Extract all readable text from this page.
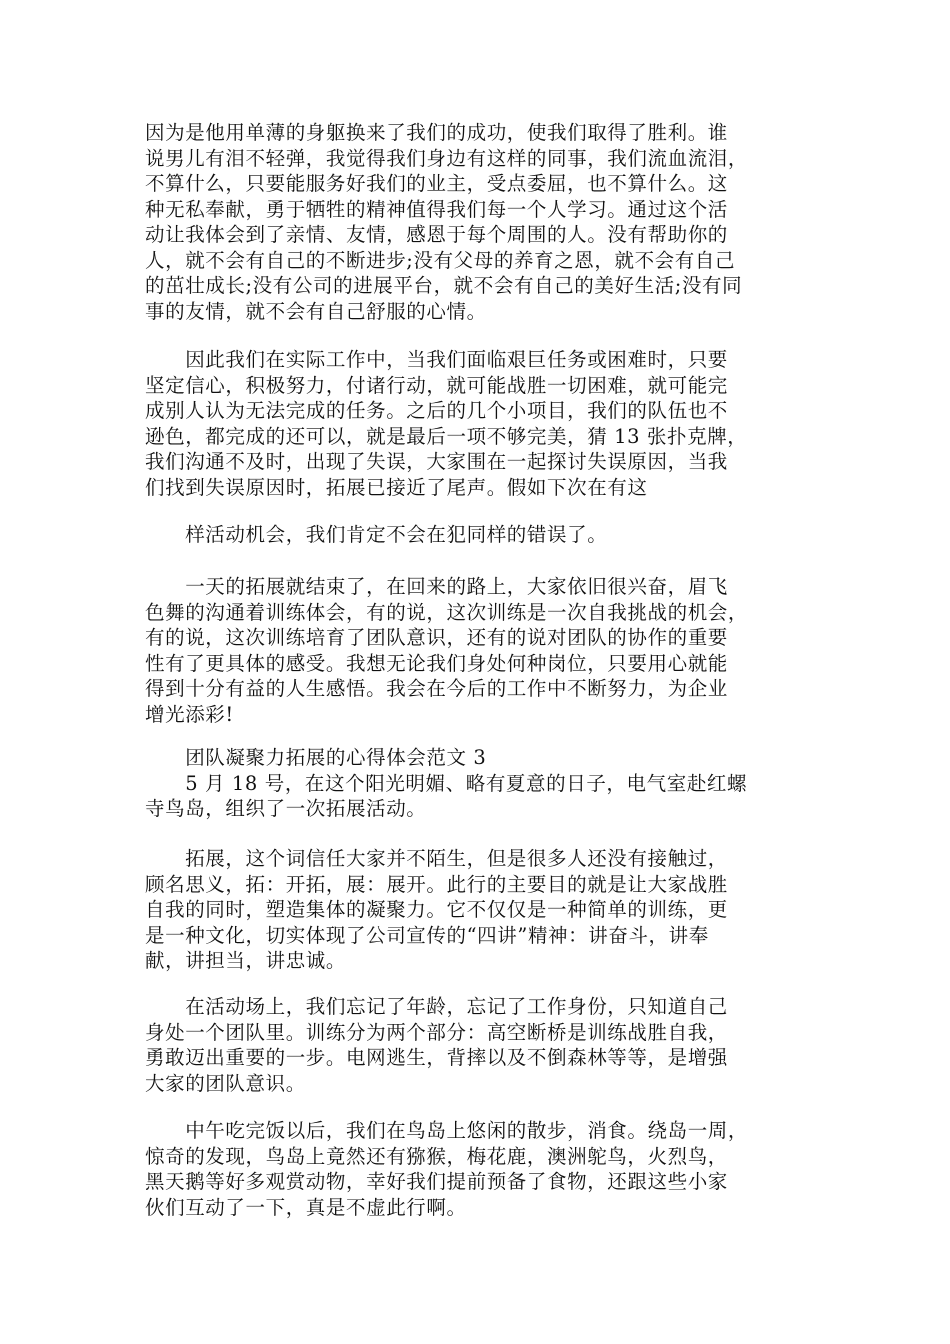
因为是他用单薄的身躯换来了我们的成功，使我们取得了胜利。谁
说男儿有泪不轻弹，我觉得我们身边有这样的同事，我们流血流泪，
不算什么，只要能服务好我们的业主，受点委屈，也不算什么。这
种无私奉献，勇于牺牲的精神值得我们每一个人学习。通过这个活
动让我体会到了亲情、友情，感恩于每个周围的人。没有帮助你的
人，就不会有自己的不断进步;没有父母的养育之恩，就不会有自己
的茁壮成长;没有公司的进展平台，就不会有自己的美好生活;没有同
事的友情，就不会有自己舒服的心情。
　　因此我们在实际工作中，当我们面临艰巨任务或困难时，只要
坚定信心，积极努力，付诸行动，就可能战胜一切困难，就可能完
成别人认为无法完成的任务。之后的几个小项目，我们的队伍也不
逊色，都完成的还可以，就是最后一项不够完美，猜 13 张扑克牌，
我们沟通不及时，出现了失误，大家围在一起探讨失误原因，当我
们找到失误原因时，拓展已接近了尾声。假如下次在有这
　　样活动机会，我们肯定不会在犯同样的错误了。
　　一天的拓展就结束了，在回来的路上，大家依旧很兴奋，眉飞
色舞的沟通着训练体会，有的说，这次训练是一次自我挑战的机会，
有的说，这次训练培育了团队意识，还有的说对团队的协作的重要
性有了更具体的感受。我想无论我们身处何种岗位，只要用心就能
得到十分有益的人生感悟。我会在今后的工作中不断努力，为企业
增光添彩!
　　团队凝聚力拓展的心得体会范文 3
　　5 月 18 号，在这个阳光明媚、略有夏意的日子，电气室赴红螺
寺鸟岛，组织了一次拓展活动。
　　拓展，这个词信任大家并不陌生，但是很多人还没有接触过，
顾名思义，拓：开拓，展：展开。此行的主要目的就是让大家战胜
自我的同时，塑造集体的凝聚力。它不仅仅是一种简单的训练，更
是一种文化，切实体现了公司宣传的“四讲”精神：讲奋斗，讲奉
献，讲担当，讲忠诚。
　　在活动场上，我们忘记了年龄，忘记了工作身份，只知道自己
身处一个团队里。训练分为两个部分：高空断桥是训练战胜自我，
勇敢迈出重要的一步。电网逃生，背摔以及不倒森林等等，是增强
大家的团队意识。
　　中午吃完饭以后，我们在鸟岛上悠闲的散步，消食。绕岛一周，
惊奇的发现，鸟岛上竟然还有猕猴，梅花鹿，澳洲鸵鸟，火烈鸟，
黑天鹅等好多观赏动物，幸好我们提前预备了食物，还跟这些小家
伙们互动了一下，真是不虚此行啊。
